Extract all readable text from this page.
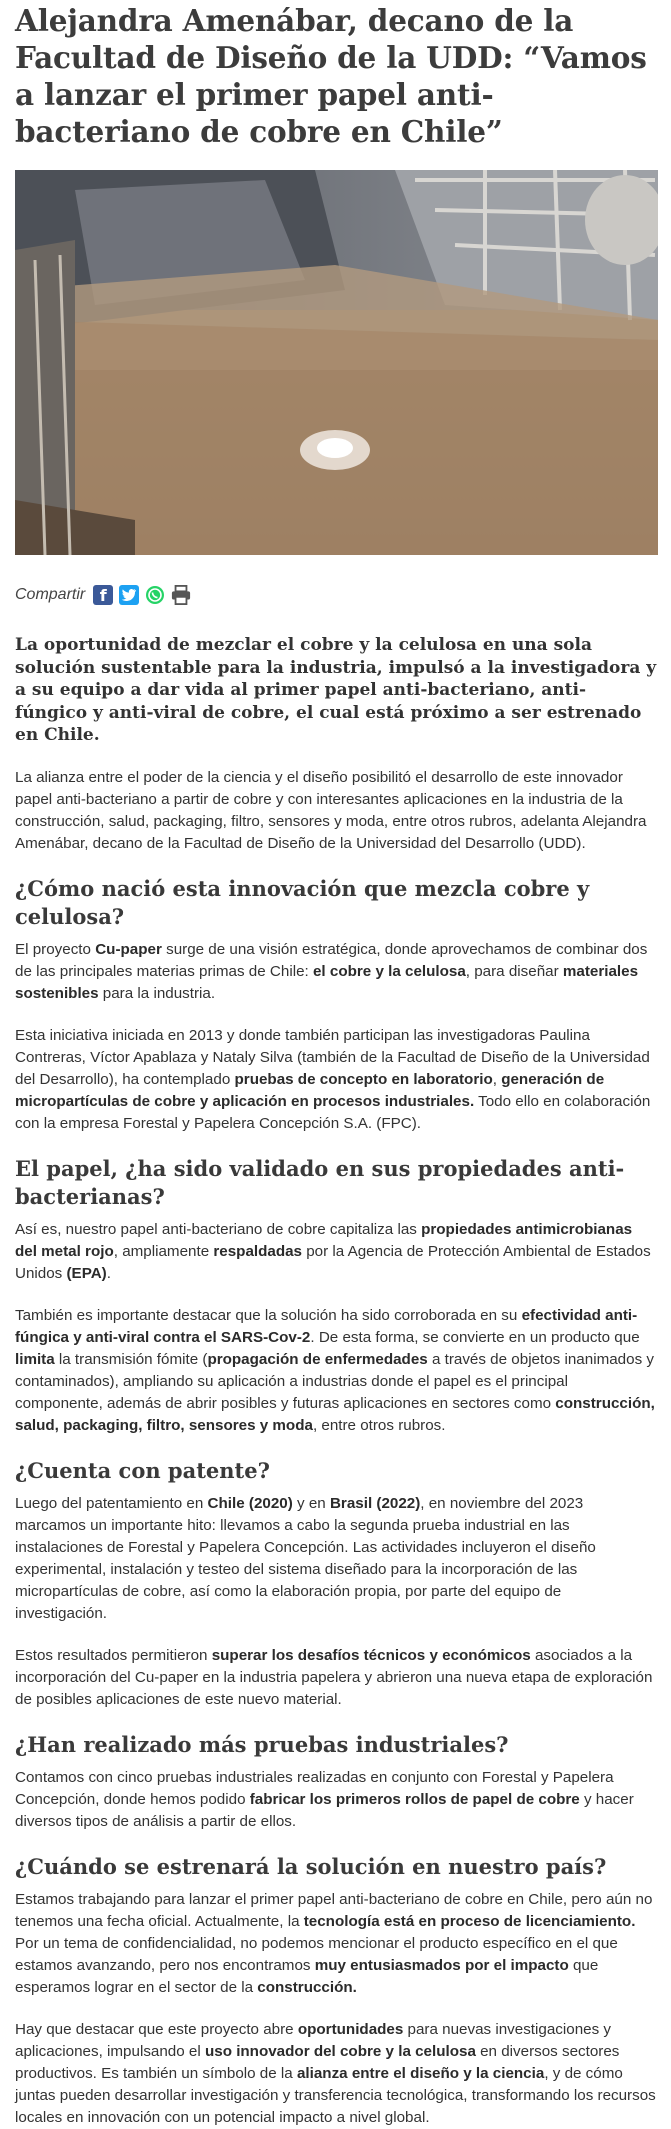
Alejandra Amenábar, decano de la Facultad de Diseño de la UDD: “Vamos a lanzar el primer papel anti-bacteriano de cobre en Chile”
Compartir f
La oportunidad de mezclar el cobre y la celulosa en una sola solución sustentable para la industria, impulsó a la investigadora y a su equipo a dar vida al primer papel anti-bacteriano, anti-fúngico y anti-viral de cobre, el cual está próximo a ser estrenado en Chile.

La alianza entre el poder de la ciencia y el diseño posibilitó el desarrollo de este innovador papel anti-bacteriano a partir de cobre y con interesantes aplicaciones en la industria de la construcción, salud, packaging, filtro, sensores y moda, entre otros rubros, adelanta Alejandra Amenábar, decano de la Facultad de Diseño de la Universidad del Desarrollo (UDD).

¿Cómo nació esta innovación que mezcla cobre y celulosa?

El proyecto Cu-paper surge de una visión estratégica, donde aprovechamos de combinar dos de las principales materias primas de Chile: el cobre y la celulosa, para diseñar materiales sostenibles para la industria.

Esta iniciativa iniciada en 2013 y donde también participan las investigadoras Paulina Contreras, Víctor Apablaza y Nataly Silva (también de la Facultad de Diseño de la Universidad del Desarrollo), ha contemplado pruebas de concepto en laboratorio, generación de micropartículas de cobre y aplicación en procesos industriales. Todo ello en colaboración con la empresa Forestal y Papelera Concepción S.A. (FPC).

El papel, ¿ha sido validado en sus propiedades anti-bacterianas?

Así es, nuestro papel anti-bacteriano de cobre capitaliza las propiedades antimicrobianas del metal rojo, ampliamente respaldadas por la Agencia de Protección Ambiental de Estados Unidos (EPA).

También es importante destacar que la solución ha sido corroborada en su efectividad anti-fúngica y anti-viral contra el SARS-Cov-2. De esta forma, se convierte en un producto que limita la transmisión fómite (propagación de enfermedades a través de objetos inanimados y contaminados), ampliando su aplicación a industrias donde el papel es el principal componente, además de abrir posibles y futuras aplicaciones en sectores como construcción, salud, packaging, filtro, sensores y moda, entre otros rubros.

¿Cuenta con patente?

Luego del patentamiento en Chile (2020) y en Brasil (2022), en noviembre del 2023 marcamos un importante hito: llevamos a cabo la segunda prueba industrial en las instalaciones de Forestal y Papelera Concepción. Las actividades incluyeron el diseño experimental, instalación y testeo del sistema diseñado para la incorporación de las micropartículas de cobre, así como la elaboración propia, por parte del equipo de investigación.

Estos resultados permitieron superar los desafíos técnicos y económicos asociados a la incorporación del Cu-paper en la industria papelera y abrieron una nueva etapa de exploración de posibles aplicaciones de este nuevo material.

¿Han realizado más pruebas industriales?

Contamos con cinco pruebas industriales realizadas en conjunto con Forestal y Papelera Concepción, donde hemos podido fabricar los primeros rollos de papel de cobre y hacer diversos tipos de análisis a partir de ellos.

¿Cuándo se estrenará la solución en nuestro país?

Estamos trabajando para lanzar el primer papel anti-bacteriano de cobre en Chile, pero aún no tenemos una fecha oficial. Actualmente, la tecnología está en proceso de licenciamiento. Por un tema de confidencialidad, no podemos mencionar el producto específico en el que estamos avanzando, pero nos encontramos muy entusiasmados por el impacto que esperamos lograr en el sector de la construcción.

Hay que destacar que este proyecto abre oportunidades para nuevas investigaciones y aplicaciones, impulsando el uso innovador del cobre y la celulosa en diversos sectores productivos. Es también un símbolo de la alianza entre el diseño y la ciencia, y de cómo juntas pueden desarrollar investigación y transferencia tecnológica, transformando los recursos locales en innovación con un potencial impacto a nivel global.
